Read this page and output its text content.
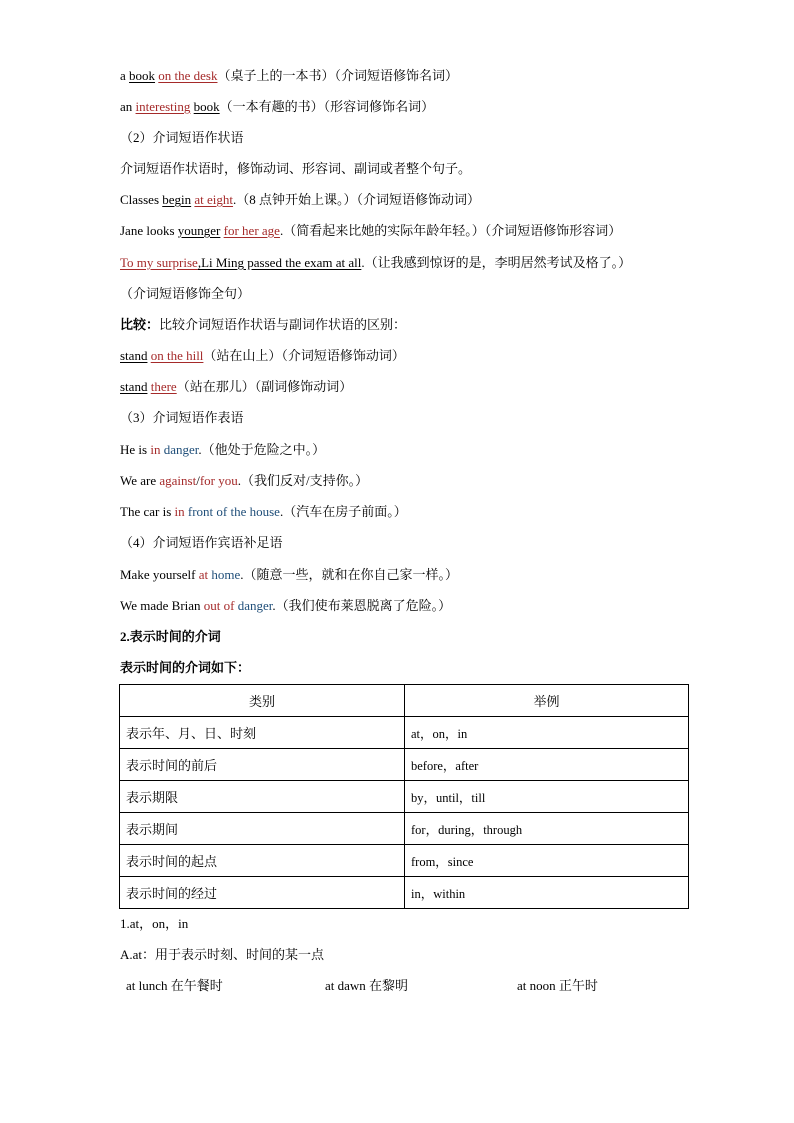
a book on the desk（桌子上的一本书）（介词短语修饰名词）
an interesting book（一本有趣的书）（形容词修饰名词）
（2）介词短语作状语
介词短语作状语时，修饰动词、形容词、副词或者整个句子。
Classes begin at eight.（8 点钟开始上课。）（介词短语修饰动词）
Jane looks younger for her age.（简看起来比她的实际年龄年轻。）（介词短语修饰形容词）
To my surprise,Li Ming passed the exam at all.（让我感到惊讶的是，李明居然考试及格了。）
（介词短语修饰全句）
比较：比较介词短语作状语与副词作状语的区别：
stand on the hill（站在山上）（介词短语修饰动词）
stand there（站在那儿）（副词修饰动词）
（3）介词短语作表语
He is in danger.（他处于危险之中。）
We are against/for you.（我们反对/支持你。）
The car is in front of the house.（汽车在房子前面。）
（4）介词短语作宾语补足语
Make yourself at home.（随意一些，就和在你自己家一样。）
We made Brian out of danger.（我们使布莱恩脱离了危险。）
2.表示时间的介词
表示时间的介词如下：
类别	举例
表示年、月、日、时刻	at，on，in
表示时间的前后	before，after
表示期限	by，until，till
表示期间	for，during，through
表示时间的起点	from，since
表示时间的经过	in，within
1.at，on，in
A.at：用于表示时刻、时间的某一点
at lunch 在午餐时	at dawn 在黎明	at noon 正午时
